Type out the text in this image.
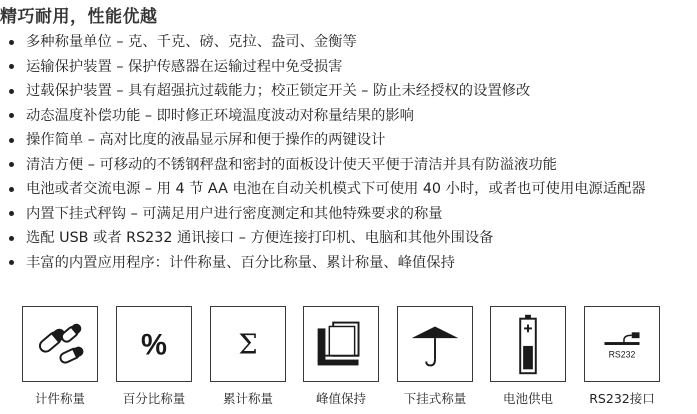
精巧耐用，性能优越
多种称量单位 – 克、千克、磅、克拉、盎司、金衡等
运输保护装置 – 保护传感器在运输过程中免受损害
过载保护装置 – 具有超强抗过载能力；校正锁定开关 – 防止未经授权的设置修改
动态温度补偿功能 – 即时修正环境温度波动对称量结果的影响
操作简单 – 高对比度的液晶显示屏和便于操作的两键设计
清洁方便 – 可移动的不锈钢秤盘和密封的面板设计使天平便于清洁并具有防溢液功能
电池或者交流电源 – 用 4 节 AA 电池在自动关机模式下可使用 40 小时，或者也可使用电源适配器
内置下挂式秤钩 – 可满足用户进行密度测定和其他特殊要求的称量
选配 USB 或者 RS232 通讯接口 – 方便连接打印机、电脑和其他外围设备
丰富的内置应用程序：计件称量、百分比称量、累计称量、峰值保持
计件称量
%
百分比称量
Σ
累计称量	峰值保持	下挂式称量	电池供电
RS232
RS232接口
